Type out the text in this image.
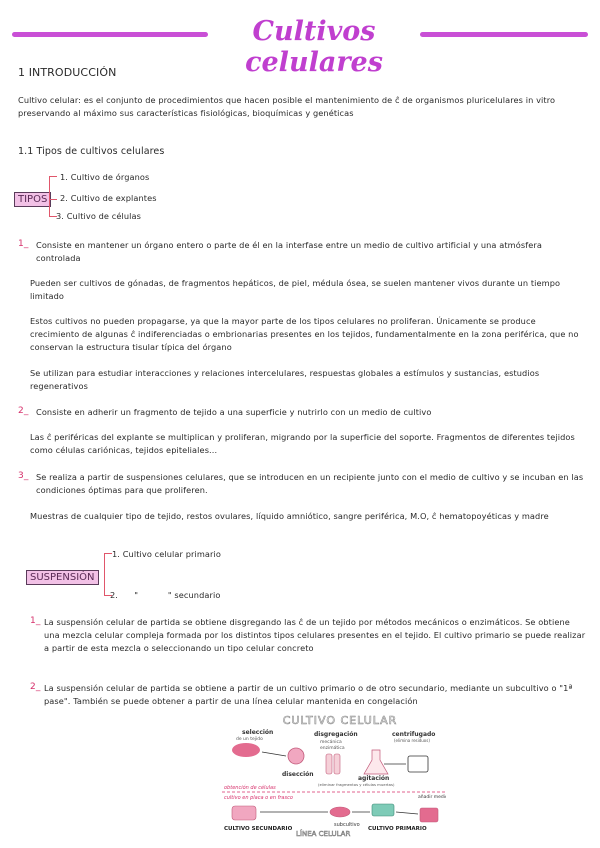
Cultivos celulares
1 INTRODUCCIÓN
Cultivo celular: es el conjunto de procedimientos que hacen posible el mantenimiento de ĉ de organismos pluricelulares in vitro preservando al máximo sus características fisiológicas, bioquímicas y genéticas
1.1 Tipos de cultivos celulares
TIPOS
1. Cultivo de órganos
2. Cultivo de explantes
3. Cultivo de células
1_ Consiste en mantener un órgano entero o parte de él en la interfase entre un medio de cultivo artificial y una atmósfera controlada
Pueden ser cultivos de gónadas, de fragmentos hepáticos, de piel, médula ósea, se suelen mantener vivos durante un tiempo limitado
Estos cultivos no pueden propagarse, ya que la mayor parte de los tipos celulares no proliferan. Únicamente se produce crecimiento de algunas ĉ indiferenciadas o embrionarias presentes en los tejidos, fundamentalmente en la zona periférica, que no conservan la estructura tisular típica del órgano
Se utilizan para estudiar interacciones y relaciones intercelulares, respuestas globales a estímulos y sustancias, estudios regenerativos
2_ Consiste en adherir un fragmento de tejido a una superficie y nutrirlo con un medio de cultivo
Las ĉ periféricas del explante se multiplican y proliferan, migrando por la superficie del soporte. Fragmentos de diferentes tejidos como células cariónicas, tejidos epiteliales...
3_ Se realiza a partir de suspensiones celulares, que se introducen en un recipiente junto con el medio de cultivo y se incuban en las condiciones óptimas para que proliferen.
Muestras de cualquier tipo de tejido, restos ovulares, líquido amniótico, sangre periférica, M.O, ĉ hematopoyéticas y madre
SUSPENSIÓN
1. Cultivo celular primario
2.      "           " secundario
1_ La suspensión celular de partida se obtiene disgregando las ĉ de un tejido por métodos mecánicos o enzimáticos. Se obtiene una mezcla celular compleja formada por los distintos tipos celulares presentes en el tejido. El cultivo primario se puede realizar a partir de esta mezcla o seleccionando un tipo celular concreto
2_ La suspensión celular de partida se obtiene a partir de un cultivo primario o de otro secundario, mediante un subcultivo o "1ª pase". También se puede obtener a partir de una línea celular mantenida en congelación
CULTIVO CELULAR
selección
de un tejido
disgregación
mecánica
enzimática
disección
agitación
(eliminar fragmentos y células muertas)
centrifugado
(elimina residuos)
obtención de células
cultivo en placa o en frasco
subcultivo
añadir medio
CULTIVO SECUNDARIO
LÍNEA CELULAR
CULTIVO PRIMARIO
